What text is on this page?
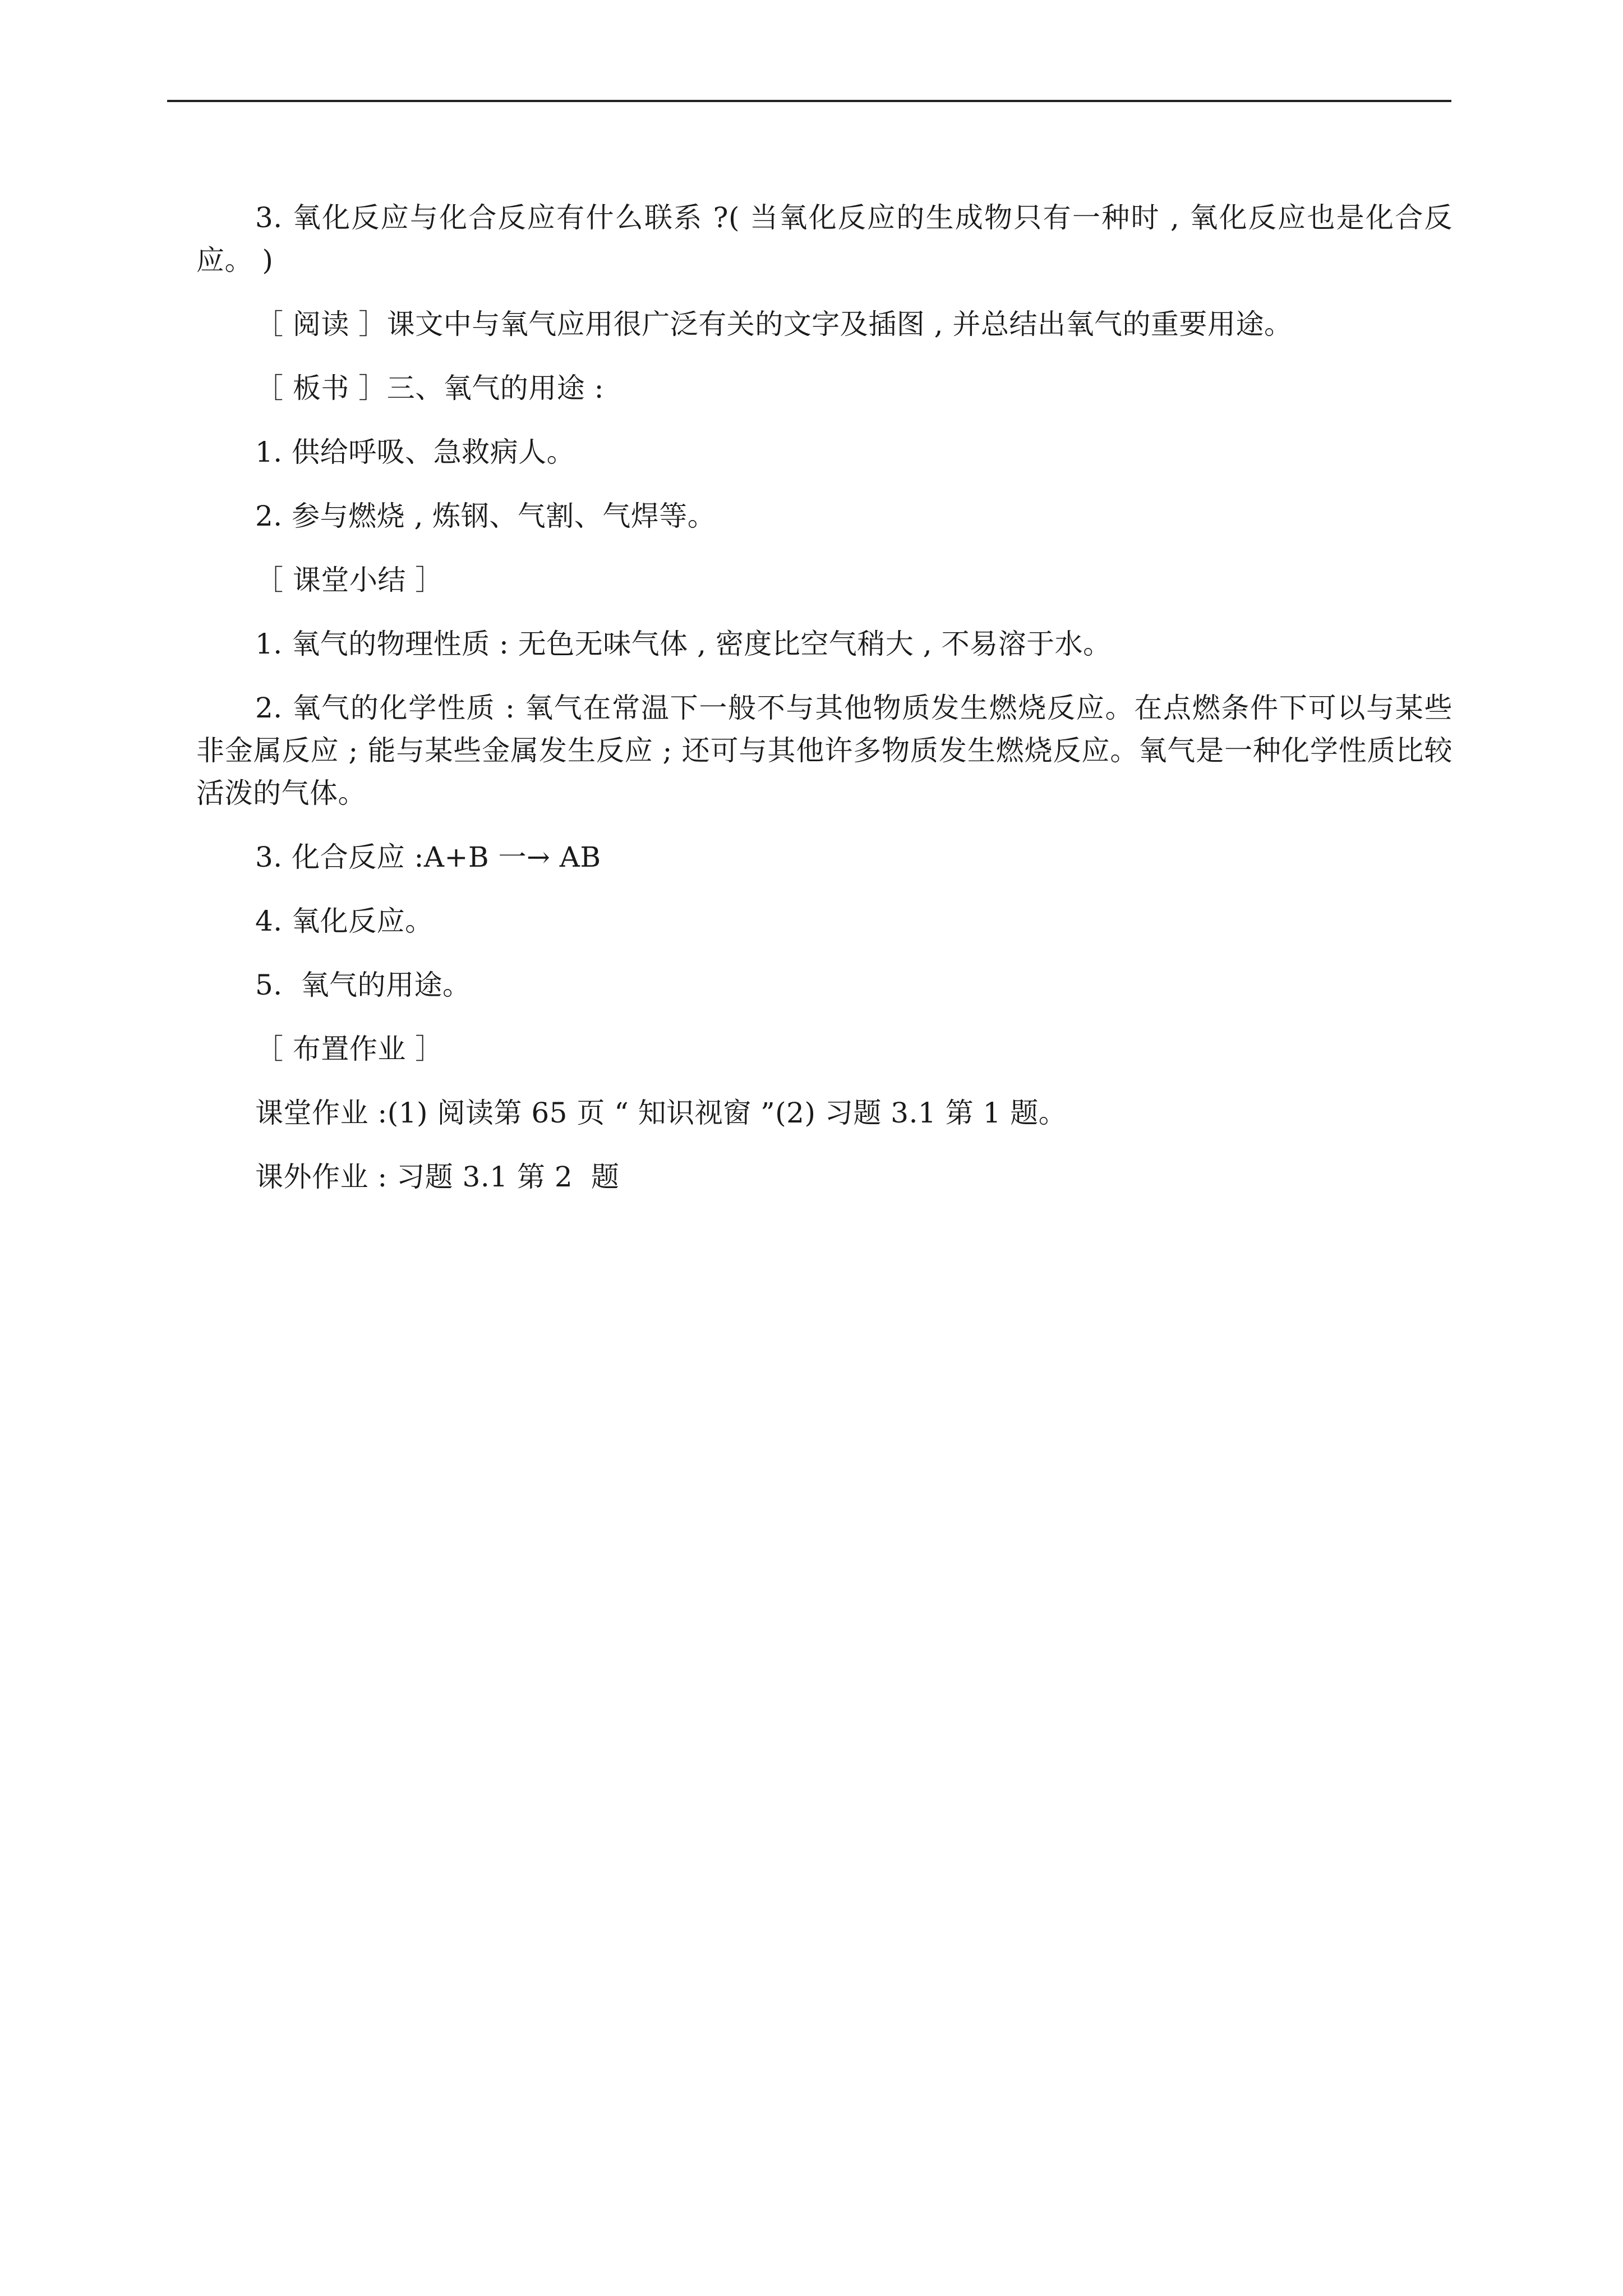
3. 氧化反应与化合反应有什么联系 ?( 当氧化反应的生成物只有一种时 , 氧化反应也是化合反应。 )

［ 阅读 ］课文中与氧气应用很广泛有关的文字及插图 , 并总结出氧气的重要用途。

［ 板书 ］三、氧气的用途 :

1. 供给呼吸、急救病人。

2. 参与燃烧 , 炼钢、气割、气焊等。

［ 课堂小结 ］

1. 氧气的物理性质 : 无色无味气体 , 密度比空气稍大 , 不易溶于水。

2. 氧气的化学性质 : 氧气在常温下一般不与其他物质发生燃烧反应。在点燃条件下可以与某些非金属反应 ; 能与某些金属发生反应 ; 还可与其他许多物质发生燃烧反应。氧气是一种化学性质比较活泼的气体。

3. 化合反应 :A+B 一→ AB

4. 氧化反应。

5.  氧气的用途。

［ 布置作业 ］

课堂作业 :(1) 阅读第 65 页 “ 知识视窗 ”(2) 习题 3.1 第 1 题。

课外作业 : 习题 3.1 第 2  题
